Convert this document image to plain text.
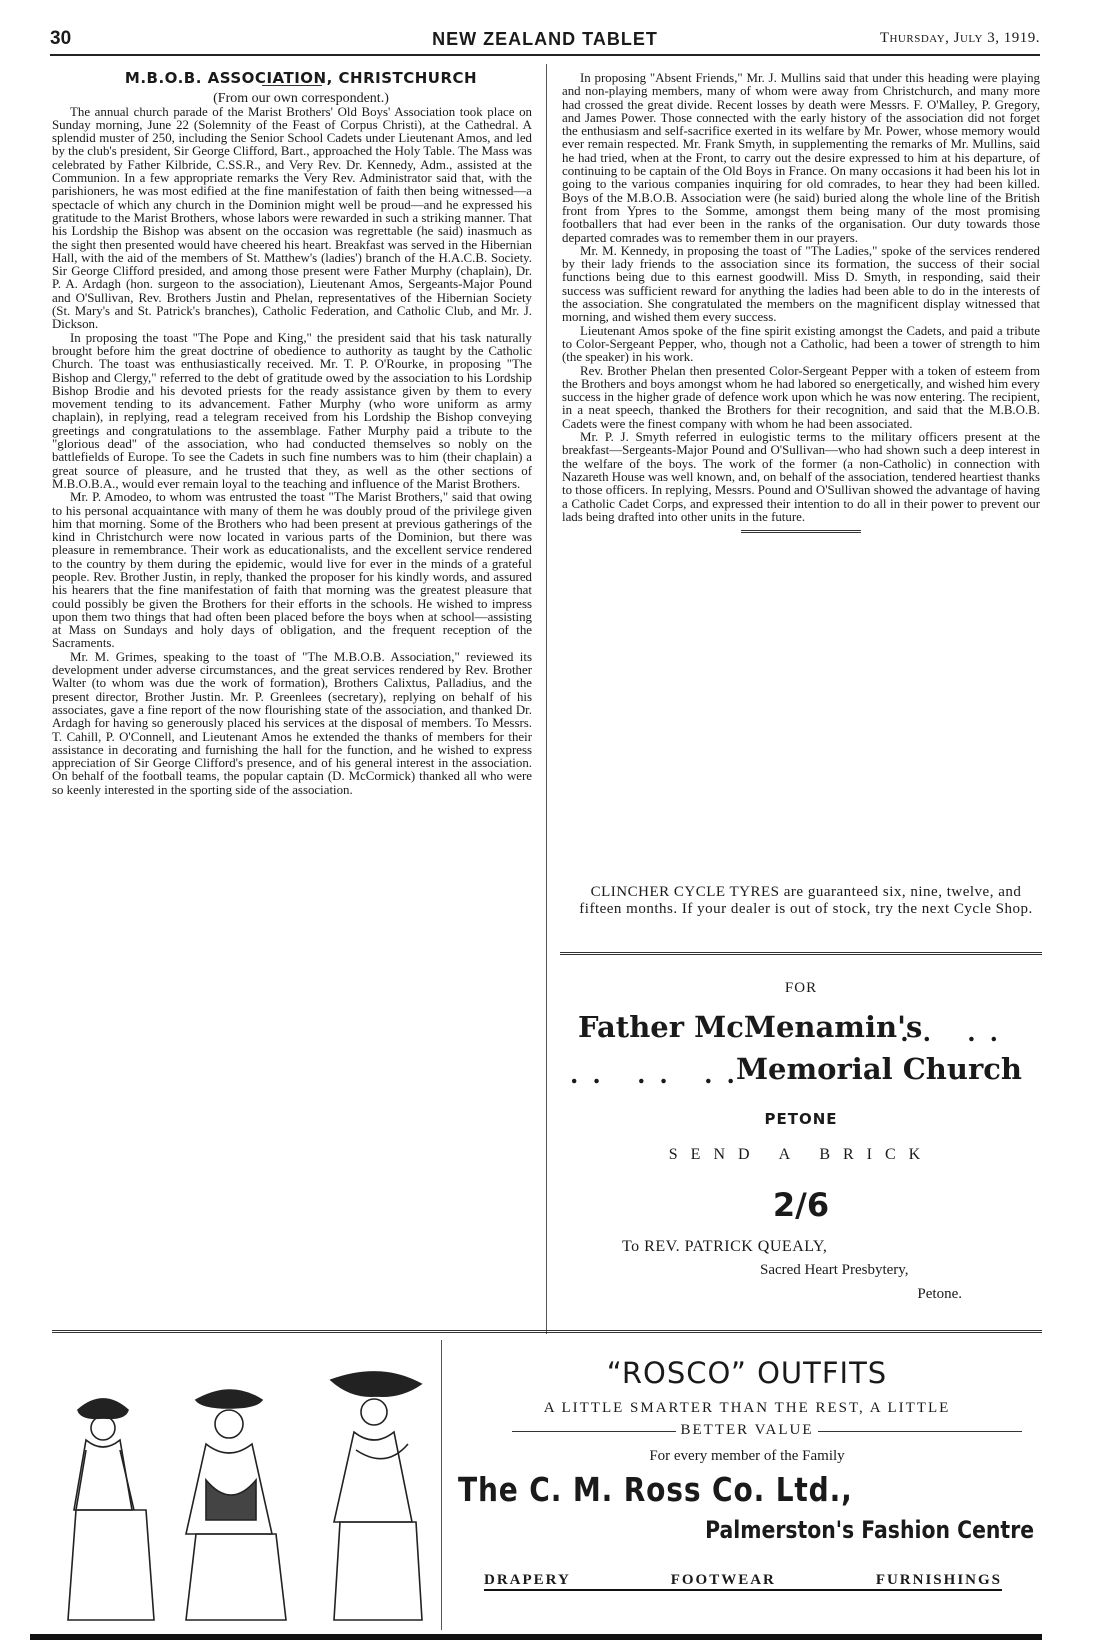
30	NEW ZEALAND TABLET	Thursday, July 3, 1919.

M.B.O.B. ASSOCIATION, CHRISTCHURCH

(From our own correspondent.)

The annual church parade of the Marist Brothers' Old Boys' Association took place on Sunday morning, June 22 (Solemnity of the Feast of Corpus Christi), at the Cathedral. A splendid muster of 250, including the Senior School Cadets under Lieutenant Amos, and led by the club's president, Sir George Clifford, Bart., approached the Holy Table. The Mass was celebrated by Father Kilbride, C.SS.R., and Very Rev. Dr. Kennedy, Adm., assisted at the Communion. In a few appropriate remarks the Very Rev. Administrator said that, with the parishioners, he was most edified at the fine manifestation of faith then being witnessed—a spectacle of which any church in the Dominion might well be proud—and he expressed his gratitude to the Marist Brothers, whose labors were rewarded in such a striking manner. That his Lordship the Bishop was absent on the occasion was regrettable (he said) inasmuch as the sight then presented would have cheered his heart. Breakfast was served in the Hibernian Hall, with the aid of the members of St. Matthew's (ladies') branch of the H.A.C.B. Society. Sir George Clifford presided, and among those present were Father Murphy (chaplain), Dr. P. A. Ardagh (hon. surgeon to the association), Lieutenant Amos, Sergeants-Major Pound and O'Sullivan, Rev. Brothers Justin and Phelan, representatives of the Hibernian Society (St. Mary's and St. Patrick's branches), Catholic Federation, and Catholic Club, and Mr. J. Dickson.

In proposing the toast "The Pope and King," the president said that his task naturally brought before him the great doctrine of obedience to authority as taught by the Catholic Church. The toast was enthusiastically received. Mr. T. P. O'Rourke, in proposing "The Bishop and Clergy," referred to the debt of gratitude owed by the association to his Lordship Bishop Brodie and his devoted priests for the ready assistance given by them to every movement tending to its advancement. Father Murphy (who wore uniform as army chaplain), in replying, read a telegram received from his Lordship the Bishop conveying greetings and congratulations to the assemblage. Father Murphy paid a tribute to the "glorious dead" of the association, who had conducted themselves so nobly on the battlefields of Europe. To see the Cadets in such fine numbers was to him (their chaplain) a great source of pleasure, and he trusted that they, as well as the other sections of M.B.O.B.A., would ever remain loyal to the teaching and influence of the Marist Brothers.

Mr. P. Amodeo, to whom was entrusted the toast "The Marist Brothers," said that owing to his personal acquaintance with many of them he was doubly proud of the privilege given him that morning. Some of the Brothers who had been present at previous gatherings of the kind in Christchurch were now located in various parts of the Dominion, but there was pleasure in remembrance. Their work as educationalists, and the excellent service rendered to the country by them during the epidemic, would live for ever in the minds of a grateful people. Rev. Brother Justin, in reply, thanked the proposer for his kindly words, and assured his hearers that the fine manifestation of faith that morning was the greatest pleasure that could possibly be given the Brothers for their efforts in the schools. He wished to impress upon them two things that had often been placed before the boys when at school—assisting at Mass on Sundays and holy days of obligation, and the frequent reception of the Sacraments.

Mr. M. Grimes, speaking to the toast of "The M.B.O.B. Association," reviewed its development under adverse circumstances, and the great services rendered by Rev. Brother Walter (to whom was due the work of formation), Brothers Calixtus, Palladius, and the present director, Brother Justin. Mr. P. Greenlees (secretary), replying on behalf of his associates, gave a fine report of the now flourishing state of the association, and thanked Dr. Ardagh for having so generously placed his services at the disposal of members. To Messrs. T. Cahill, P. O'Connell, and Lieutenant Amos he extended the thanks of members for their assistance in decorating and furnishing the hall for the function, and he wished to express appreciation of Sir George Clifford's presence, and of his general interest in the association. On behalf of the football teams, the popular captain (D. McCormick) thanked all who were so keenly interested in the sporting side of the association.

In proposing "Absent Friends," Mr. J. Mullins said that under this heading were playing and non-playing members, many of whom were away from Christchurch, and many more had crossed the great divide. Recent losses by death were Messrs. F. O'Malley, P. Gregory, and James Power. Those connected with the early history of the association did not forget the enthusiasm and self-sacrifice exerted in its welfare by Mr. Power, whose memory would ever remain respected. Mr. Frank Smyth, in supplementing the remarks of Mr. Mullins, said he had tried, when at the Front, to carry out the desire expressed to him at his departure, of continuing to be captain of the Old Boys in France. On many occasions it had been his lot in going to the various companies inquiring for old comrades, to hear they had been killed. Boys of the M.B.O.B. Association were (he said) buried along the whole line of the British front from Ypres to the Somme, amongst them being many of the most promising footballers that had ever been in the ranks of the organisation. Our duty towards those departed comrades was to remember them in our prayers.

Mr. M. Kennedy, in proposing the toast of "The Ladies," spoke of the services rendered by their lady friends to the association since its formation, the success of their social functions being due to this earnest goodwill. Miss D. Smyth, in responding, said their success was sufficient reward for anything the ladies had been able to do in the interests of the association. She congratulated the members on the magnificent display witnessed that morning, and wished them every success.

Lieutenant Amos spoke of the fine spirit existing amongst the Cadets, and paid a tribute to Color-Sergeant Pepper, who, though not a Catholic, had been a tower of strength to him (the speaker) in his work.

Rev. Brother Phelan then presented Color-Sergeant Pepper with a token of esteem from the Brothers and boys amongst whom he had labored so energetically, and wished him every success in the higher grade of defence work upon which he was now entering. The recipient, in a neat speech, thanked the Brothers for their recognition, and said that the M.B.O.B. Cadets were the finest company with whom he had been associated.

Mr. P. J. Smyth referred in eulogistic terms to the military officers present at the breakfast—Sergeants-Major Pound and O'Sullivan—who had shown such a deep interest in the welfare of the boys. The work of the former (a non-Catholic) in connection with Nazareth House was well known, and, on behalf of the association, tendered heartiest thanks to those officers. In replying, Messrs. Pound and O'Sullivan showed the advantage of having a Catholic Cadet Corps, and expressed their intention to do all in their power to prevent our lads being drafted into other units in the future.

CLINCHER CYCLE TYRES are guaranteed six, nine, twelve, and fifteen months. If your dealer is out of stock, try the next Cycle Shop.
FOR
Father McMenamin's
.. ..
.. .. ..
Memorial Church
PETONE
SEND A BRICK
2/6
To REV. PATRICK QUEALY,
Sacred Heart Presbytery,
Petone.
“ROSCO” OUTFITS
A LITTLE SMARTER THAN THE REST, A LITTLE
BETTER VALUE
For every member of the Family
The C. M. Ross Co. Ltd.,
Palmerston's Fashion Centre
DRAPERY	FOOTWEAR	FURNISHINGS
